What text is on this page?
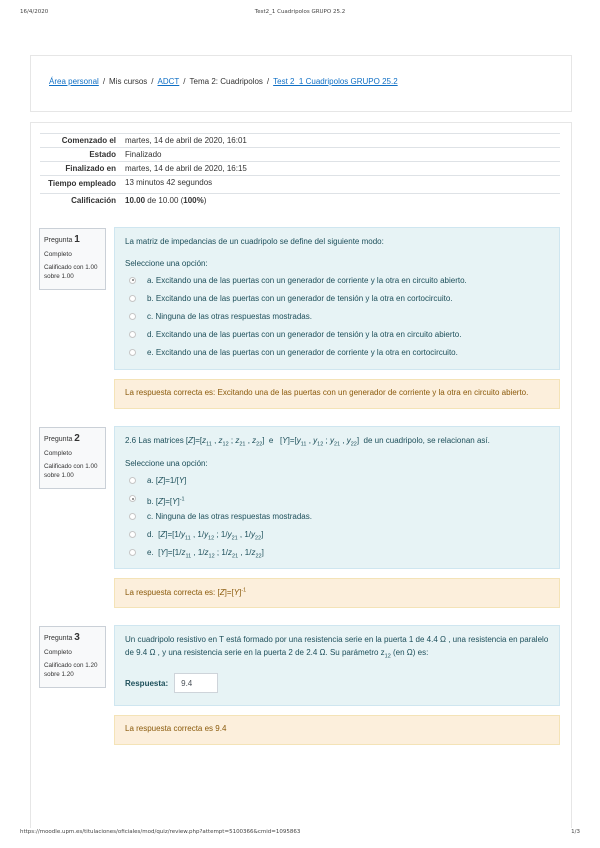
16/4/2020	Test2_1 Cuadripolos GRUPO 25.2
Área personal / Mis cursos / ADCT / Tema 2: Cuadripolos / Test 2_1 Cuadripolos GRUPO 25.2
Comenzado el	martes, 14 de abril de 2020, 16:01
Estado	Finalizado
Finalizado en	martes, 14 de abril de 2020, 16:15
Tiempo empleado	13 minutos 42 segundos
Calificación	10.00 de 10.00 (100%)
Pregunta 1
Completo
Calificado con 1.00 sobre 1.00
La matriz de impedancias de un cuadripolo se define del siguiente modo:
Seleccione una opción:
a. Excitando una de las puertas con un generador de corriente y la otra en circuito abierto.
b. Excitando una de las puertas con un generador de tensión y la otra en cortocircuito.
c. Ninguna de las otras respuestas mostradas.
d. Excitando una de las puertas con un generador de tensión y la otra en circuito abierto.
e. Excitando una de las puertas con un generador de corriente y la otra en cortocircuito.
La respuesta correcta es: Excitando una de las puertas con un generador de corriente y la otra en circuito abierto.
Pregunta 2
Completo
Calificado con 1.00 sobre 1.00
2.6 Las matrices $[Z]=[z_{11}$ , $z_{12}$ ; $z_{21}$ , $z_{22}$]  e   $[Y]=[y_{11}$ , $y_{12}$ ; $y_{21}$ , $y_{22}$]  de un cuadripolo, se relacionan así.
Seleccione una opción:
a. [Z]=1/[Y]
b. $[Z]=[Y]^{-1}$
c. Ninguna de las otras respuestas mostradas.
d.  $[Z]=[1/y_{11}$ , $1/y_{12}$ ; $1/y_{21}$ , $1/y_{22}$]
e.  $[Y]=[1/z_{11}$ , $1/z_{12}$ ; $1/z_{21}$ , $1/z_{22}$]
La respuesta correcta es: $[Z]=[Y]^{-1}$
Pregunta 3
Completo
Calificado con 1.20 sobre 1.20
Un cuadripolo resistivo en T está formado por una resistencia serie en la puerta 1 de 4.4 Ω , una resistencia en paralelo de 9.4 Ω , y una resistencia serie en la puerta 2 de 2.4 Ω. Su parámetro $z_{12}$ (en Ω) es:
Respuesta:
9.4
La respuesta correcta es 9.4
https://moodle.upm.es/titulaciones/oficiales/mod/quiz/review.php?attempt=5100366&cmid=1095863	1/3
